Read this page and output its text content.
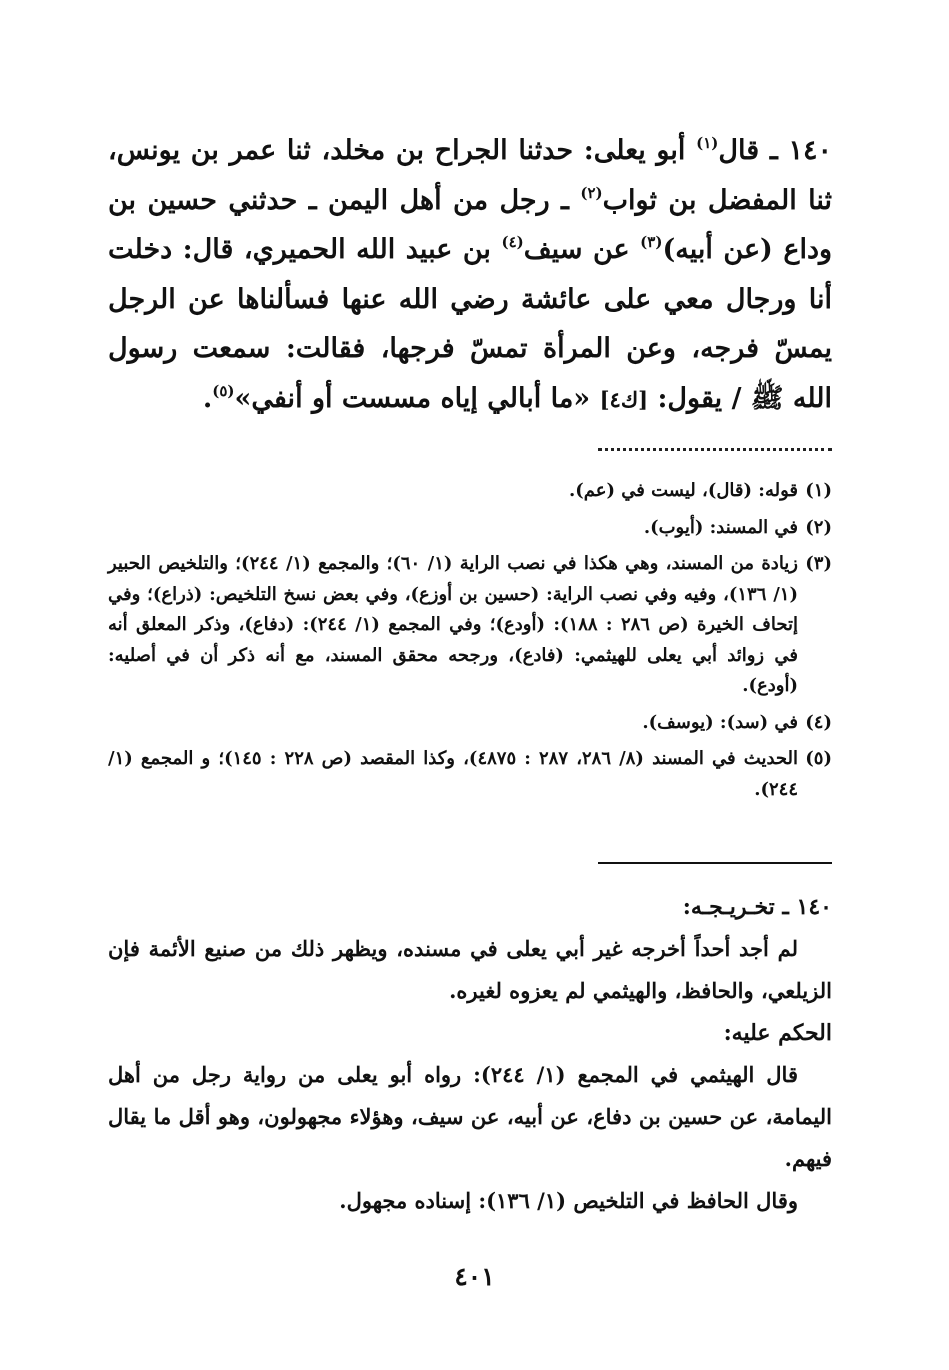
١٤٠ ـ قال$^{(١)}$ أبو يعلى: حدثنا الجراح بن مخلد، ثنا عمر بن يونس، ثنا المفضل بن ثواب$^{(٢)}$ ـ رجل من أهل اليمن ـ حدثني حسين بن وداع (عن أبيه)$^{(٣)}$ عن سيف$^{(٤)}$ بن عبيد الله الحميري، قال: دخلت أنا ورجال معي على عائشة رضي الله عنها فسألناها عن الرجل يمسّ فرجه، وعن المرأة تمسّ فرجها، فقالت: سمعت رسول الله ﷺ / يقول: [ك٤] «ما أبالي إياه مسست أو أنفي»$^{(٥)}$.

(١)
قوله: (قال)، ليست في (عم).
(٢)
في المسند: (أيوب).
(٣)
زيادة من المسند، وهي هكذا في نصب الراية (١/ ٦٠)؛ والمجمع (١/ ٢٤٤)؛ والتلخيص الحبير (١/ ١٣٦)، وفيه وفي نصب الراية: (حسين بن أوزع)، وفي بعض نسخ التلخيص: (ذراع)؛ وفي إتحاف الخيرة (ص ٢٨٦ : ١٨٨): (أودع)؛ وفي المجمع (١/ ٢٤٤): (دفاع)، وذكر المعلق أنه في زوائد أبي يعلى للهيثمي: (فادع)، ورجحه محقق المسند، مع أنه ذكر أن في أصليه: (أودع).
(٤)
في (سد): (يوسف).
(٥)
الحديث في المسند (٨/ ٢٨٦، ٢٨٧ : ٤٨٧٥)، وكذا المقصد (ص ٢٢٨ : ١٤٥)؛ و المجمع (١/ ٢٤٤).

١٤٠ ـ تخـريـجـه:

لم أجد أحداً أخرجه غير أبي يعلى في مسنده، ويظهر ذلك من صنيع الأئمة فإن الزيلعي، والحافظ، والهيثمي لم يعزوه لغيره.

الحكم عليه:

قال الهيثمي في المجمع (١/ ٢٤٤): رواه أبو يعلى من رواية رجل من أهل اليمامة، عن حسين بن دفاع، عن أبيه، عن سيف، وهؤلاء مجهولون، وهو أقل ما يقال فيهم.

وقال الحافظ في التلخيص (١/ ١٣٦): إسناده مجهول.

٤٠١
